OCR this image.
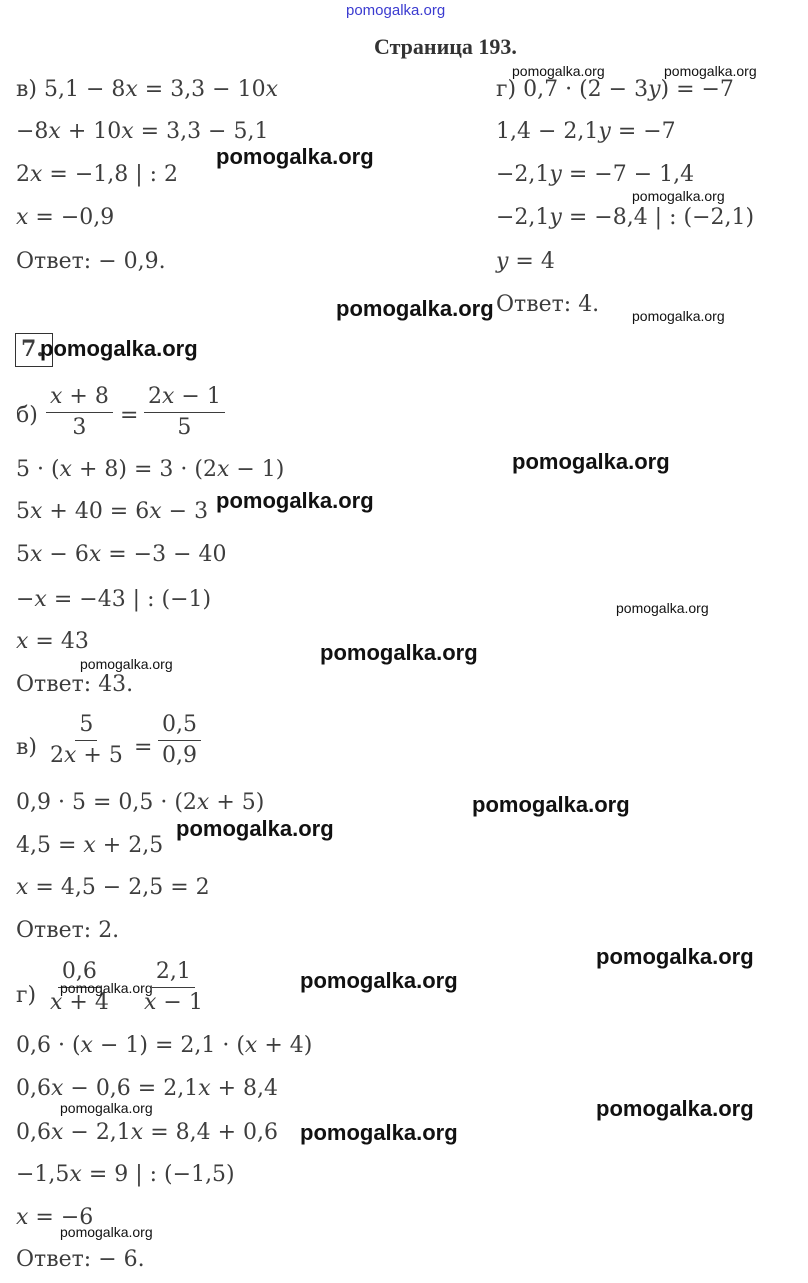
pomogalka.org
Страница 193.
в) 5,1 − 8𝑥 = 3,3 − 10𝑥
−8𝑥 + 10𝑥 = 3,3 − 5,1
2𝑥 = −1,8 | : 2
𝑥 = −0,9
Ответ: − 0,9.
г) 0,7 · (2 − 3𝑦) = −7
1,4 − 2,1𝑦 = −7
−2,1𝑦 = −7 − 1,4
−2,1𝑦 = −8,4 | : (−2,1)
𝑦 = 4
Ответ: 4.
7.
б)
𝑥 + 8
3 =
2𝑥 − 1
5
5 · (𝑥 + 8) = 3 · (2𝑥 − 1)
5𝑥 + 40 = 6𝑥 − 3
5𝑥 − 6𝑥 = −3 − 40
−𝑥 = −43 | : (−1)
𝑥 = 43
Ответ: 43.
в)
5
2𝑥 + $5 = \frac{0,5}{0,9}$
0,9 · 5 = 0,5 · (2𝑥 + 5)
4,5 = 𝑥 + 2,5
𝑥 = 4,5 − 2,5 = 2
Ответ: 2.
г)
0,6
𝑥 + 4
2,1
𝑥 − 1
0,6 · (𝑥 − 1) = 2,1 · (𝑥 + 4)
0,6𝑥 − 0,6 = 2,1𝑥 + 8,4
0,6𝑥 − 2,1𝑥 = 8,4 + 0,6
−1,5𝑥 = 9 | : (−1,5)
𝑥 = −6
Ответ: − 6.
pomogalka.org	pomogalka.org
pomogalka.org
pomogalka.org
pomogalka.org	pomogalka.org
pomogalka.org
pomogalka.org
pomogalka.org
pomogalka.org
pomogalka.org
pomogalka.org
pomogalka.org
pomogalka.org
pomogalka.org
pomogalka.org
pomogalka.org
pomogalka.org
pomogalka.org
pomogalka.org
pomogalka.org
